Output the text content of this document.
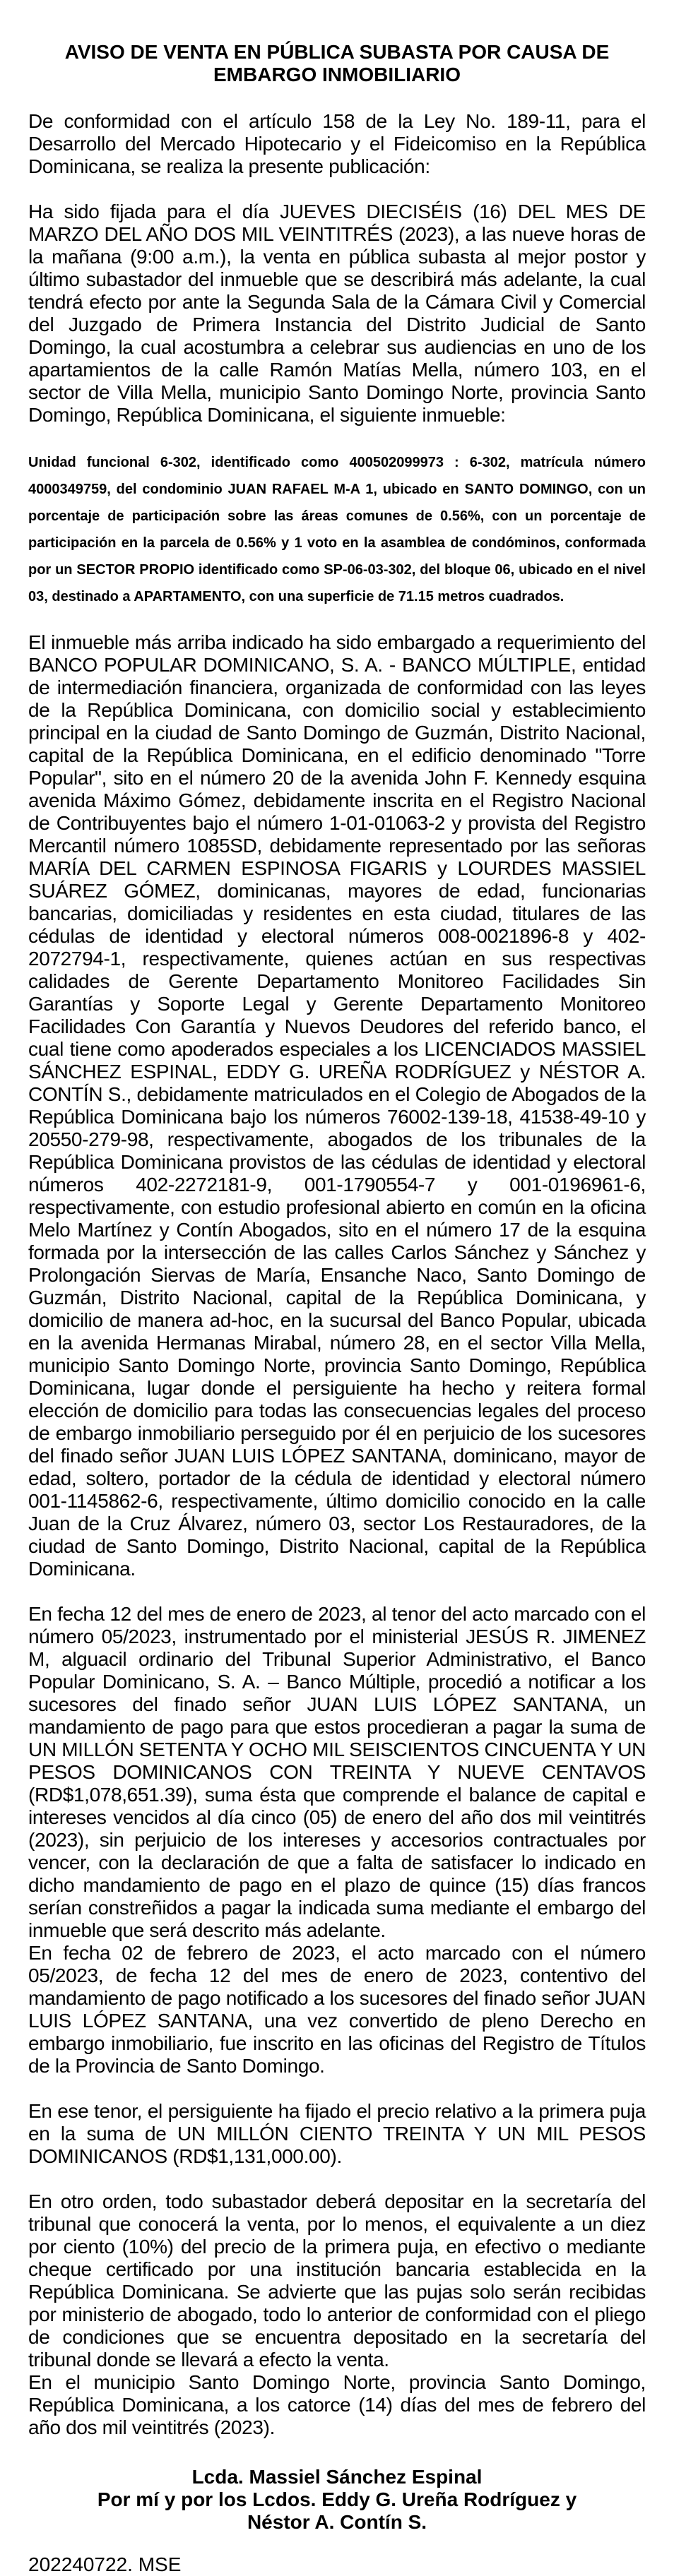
AVISO DE VENTA EN PÚBLICA SUBASTA POR CAUSA DE EMBARGO INMOBILIARIO

De conformidad con el artículo 158 de la Ley No. 189-11, para el Desarrollo del Mercado Hipotecario y el Fideicomiso en la República Dominicana, se realiza la presente publicación:

Ha sido fijada para el día JUEVES DIECISÉIS (16) DEL MES DE MARZO DEL AÑO DOS MIL VEINTITRÉS (2023), a las nueve horas de la mañana (9:00 a.m.), la venta en pública subasta al mejor postor y último subastador del inmueble que se describirá más adelante, la cual tendrá efecto por ante la Segunda Sala de la Cámara Civil y Comercial del Juzgado de Primera Instancia del Distrito Judicial de Santo Domingo, la cual acostumbra a celebrar sus audiencias en uno de los apartamientos de la calle Ramón Matías Mella, número 103, en el sector de Villa Mella, municipio Santo Domingo Norte, provincia Santo Domingo, República Dominicana, el siguiente inmueble:

Unidad funcional 6-302, identificado como 400502099973 : 6-302, matrícula número 4000349759, del condominio JUAN RAFAEL M-A 1, ubicado en SANTO DOMINGO, con un porcentaje de participación sobre las áreas comunes de 0.56%, con un porcentaje de participación en la parcela de 0.56% y 1 voto en la asamblea de condóminos, conformada por un SECTOR PROPIO identificado como SP-06-03-302, del bloque 06, ubicado en el nivel 03, destinado a APARTAMENTO, con una superficie de 71.15 metros cuadrados.

El inmueble más arriba indicado ha sido embargado a requerimiento del BANCO POPULAR DOMINICANO, S. A. - BANCO MÚLTIPLE, entidad de intermediación financiera, organizada de conformidad con las leyes de la República Dominicana, con domicilio social y establecimiento principal en la ciudad de Santo Domingo de Guzmán, Distrito Nacional, capital de la República Dominicana, en el edificio denominado "Torre Popular", sito en el número 20 de la avenida John F. Kennedy esquina avenida Máximo Gómez, debidamente inscrita en el Registro Nacional de Contribuyentes bajo el número 1-01-01063-2 y provista del Registro Mercantil número 1085SD, debidamente representado por las señoras MARÍA DEL CARMEN ESPINOSA FIGARIS y LOURDES MASSIEL SUÁREZ GÓMEZ, dominicanas, mayores de edad, funcionarias bancarias, domiciliadas y residentes en esta ciudad, titulares de las cédulas de identidad y electoral números 008-0021896-8 y 402-2072794-1, respectivamente, quienes actúan en sus respectivas calidades de Gerente Departamento Monitoreo Facilidades Sin Garantías y Soporte Legal y Gerente Departamento Monitoreo Facilidades Con Garantía y Nuevos Deudores del referido banco, el cual tiene como apoderados especiales a los LICENCIADOS MASSIEL SÁNCHEZ ESPINAL, EDDY G. UREÑA RODRÍGUEZ y NÉSTOR A. CONTÍN S., debidamente matriculados en el Colegio de Abogados de la República Dominicana bajo los números 76002-139-18, 41538-49-10 y 20550-279-98, respectivamente, abogados de los tribunales de la República Dominicana provistos de las cédulas de identidad y electoral números 402-2272181-9, 001-1790554-7 y 001-0196961-6, respectivamente, con estudio profesional abierto en común en la oficina Melo Martínez y Contín Abogados, sito en el número 17 de la esquina formada por la intersección de las calles Carlos Sánchez y Sánchez y Prolongación Siervas de María, Ensanche Naco, Santo Domingo de Guzmán, Distrito Nacional, capital de la República Dominicana, y domicilio de manera ad-hoc, en la sucursal del Banco Popular, ubicada en la avenida Hermanas Mirabal, número 28, en el sector Villa Mella, municipio Santo Domingo Norte, provincia Santo Domingo, República Dominicana, lugar donde el persiguiente ha hecho y reitera formal elección de domicilio para todas las consecuencias legales del proceso de embargo inmobiliario perseguido por él en perjuicio de los sucesores del finado señor JUAN LUIS LÓPEZ SANTANA, dominicano, mayor de edad, soltero, portador de la cédula de identidad y electoral número 001-1145862-6, respectivamente, último domicilio conocido en la calle Juan de la Cruz Álvarez, número 03, sector Los Restauradores, de la ciudad de Santo Domingo, Distrito Nacional, capital de la República Dominicana.

En fecha 12 del mes de enero de 2023, al tenor del acto marcado con el número 05/2023, instrumentado por el ministerial JESÚS R. JIMENEZ M, alguacil ordinario del Tribunal Superior Administrativo, el Banco Popular Dominicano, S. A. – Banco Múltiple, procedió a notificar a los sucesores del finado señor JUAN LUIS LÓPEZ SANTANA, un mandamiento de pago para que estos procedieran a pagar la suma de UN MILLÓN SETENTA Y OCHO MIL SEISCIENTOS CINCUENTA Y UN PESOS DOMINICANOS CON TREINTA Y NUEVE CENTAVOS (RD$1,078,651.39), suma ésta que comprende el balance de capital e intereses vencidos al día cinco (05) de enero del año dos mil veintitrés (2023), sin perjuicio de los intereses y accesorios contractuales por vencer, con la declaración de que a falta de satisfacer lo indicado en dicho mandamiento de pago en el plazo de quince (15) días francos serían constreñidos a pagar la indicada suma mediante el embargo del inmueble que será descrito más adelante.

En fecha 02 de febrero de 2023, el acto marcado con el número 05/2023, de fecha 12 del mes de enero de 2023, contentivo del mandamiento de pago notificado a los sucesores del finado señor JUAN LUIS LÓPEZ SANTANA, una vez convertido de pleno Derecho en embargo inmobiliario, fue inscrito en las oficinas del Registro de Títulos de la Provincia de Santo Domingo.

En ese tenor, el persiguiente ha fijado el precio relativo a la primera puja en la suma de UN MILLÓN CIENTO TREINTA Y UN MIL PESOS DOMINICANOS (RD$1,131,000.00).

En otro orden, todo subastador deberá depositar en la secretaría del tribunal que conocerá la venta, por lo menos, el equivalente a un diez por ciento (10%) del precio de la primera puja, en efectivo o mediante cheque certificado por una institución bancaria establecida en la República Dominicana. Se advierte que las pujas solo serán recibidas por ministerio de abogado, todo lo anterior de conformidad con el pliego de condiciones que se encuentra depositado en la secretaría del tribunal donde se llevará a efecto la venta.

En el municipio Santo Domingo Norte, provincia Santo Domingo, República Dominicana, a los catorce (14) días del mes de febrero del año dos mil veintitrés (2023).

Lcda. Massiel Sánchez Espinal
Por mí y por los Lcdos. Eddy G. Ureña Rodríguez y
Néstor A. Contín S.
202240722. MSE
